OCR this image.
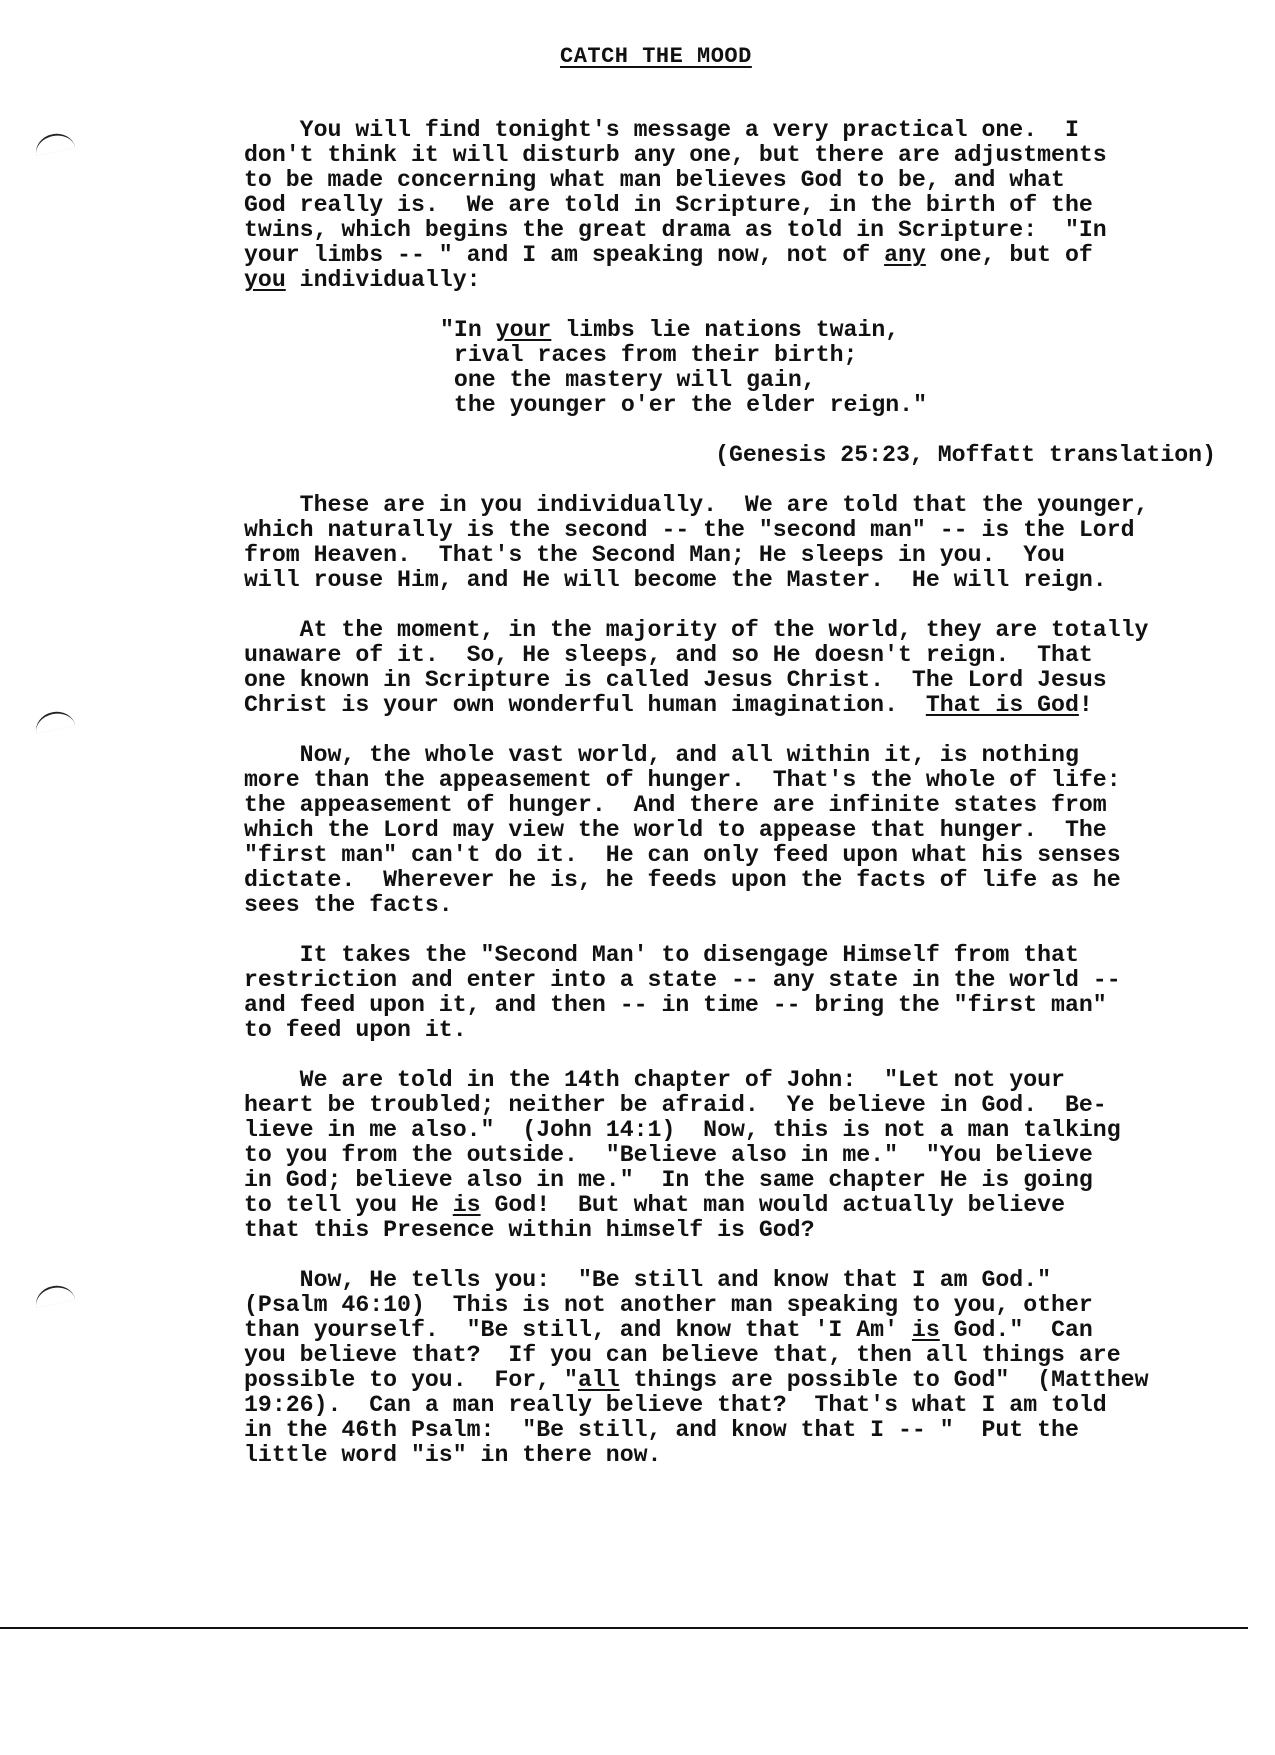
CATCH THE MOOD
You will find tonight's message a very practical one.  I
don't think it will disturb any one, but there are adjustments
to be made concerning what man believes God to be, and what
God really is.  We are told in Scripture, in the birth of the
twins, which begins the great drama as told in Scripture:  "In
your limbs -- " and I am speaking now, not of any one, but of
you individually:
"In your limbs lie nations twain,
rival races from their birth;
one the mastery will gain,
the younger o'er the elder reign."
(Genesis 25:23, Moffatt translation)
These are in you individually.  We are told that the younger,
which naturally is the second -- the "second man" -- is the Lord
from Heaven.  That's the Second Man; He sleeps in you.  You
will rouse Him, and He will become the Master.  He will reign.
At the moment, in the majority of the world, they are totally
unaware of it.  So, He sleeps, and so He doesn't reign.  That
one known in Scripture is called Jesus Christ.  The Lord Jesus
Christ is your own wonderful human imagination.  That is God!
Now, the whole vast world, and all within it, is nothing
more than the appeasement of hunger.  That's the whole of life:
the appeasement of hunger.  And there are infinite states from
which the Lord may view the world to appease that hunger.  The
"first man" can't do it.  He can only feed upon what his senses
dictate.  Wherever he is, he feeds upon the facts of life as he
sees the facts.
It takes the "Second Man' to disengage Himself from that
restriction and enter into a state -- any state in the world --
and feed upon it, and then -- in time -- bring the "first man"
to feed upon it.
We are told in the 14th chapter of John:  "Let not your
heart be troubled; neither be afraid.  Ye believe in God.  Be-
lieve in me also."  (John 14:1)  Now, this is not a man talking
to you from the outside.  "Believe also in me."  "You believe
in God; believe also in me."  In the same chapter He is going
to tell you He is God!  But what man would actually believe
that this Presence within himself is God?
Now, He tells you:  "Be still and know that I am God."
(Psalm 46:10)  This is not another man speaking to you, other
than yourself.  "Be still, and know that 'I Am' is God."  Can
you believe that?  If you can believe that, then all things are
possible to you.  For, "all things are possible to God"  (Matthew
19:26).  Can a man really believe that?  That's what I am told
in the 46th Psalm:  "Be still, and know that I -- "  Put the
little word "is" in there now.
